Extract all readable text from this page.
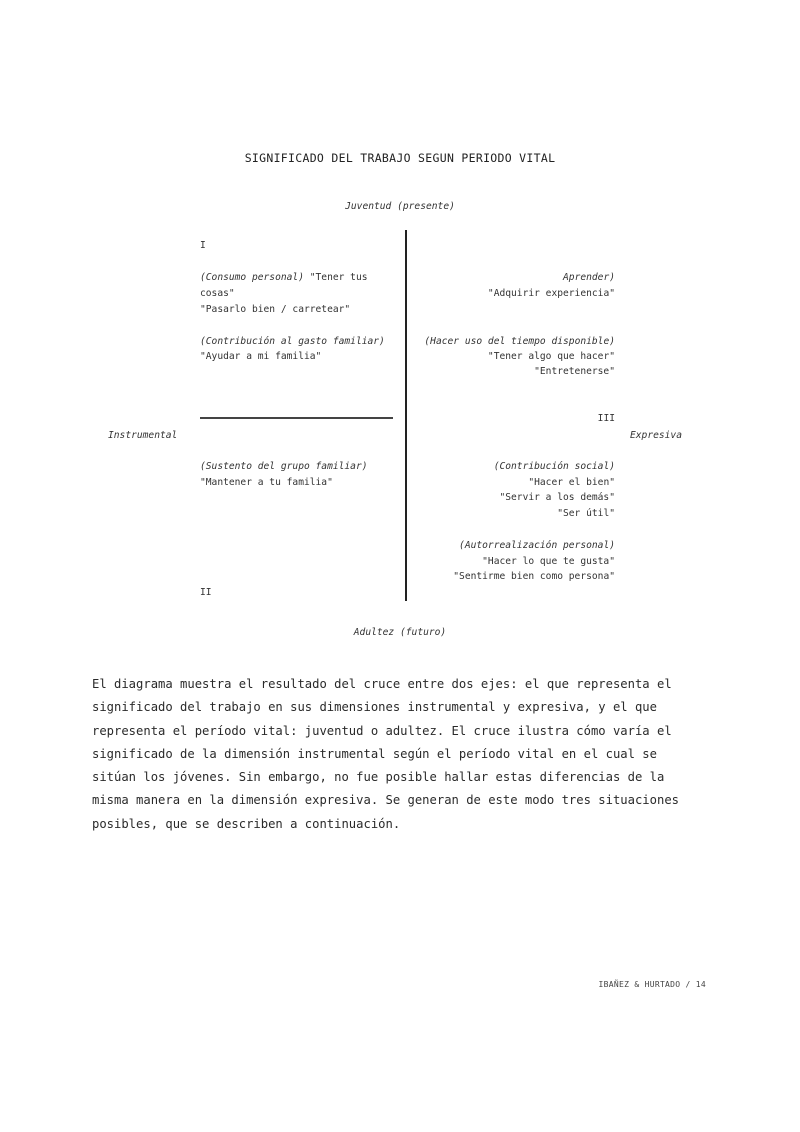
SIGNIFICADO DEL TRABAJO SEGUN PERIODO VITAL
Juventud (presente)
Adultez (futuro)
Instrumental	Expresiva
I
(Consumo personal) "Tener tus
cosas"
"Pasarlo bien / carretear"
(Contribución al gasto familiar)
"Ayudar a mi familia"
(Sustento del grupo familiar)
"Mantener a tu familia"
II
Aprender)
"Adquirir experiencia"
(Hacer uso del tiempo disponible)
"Tener algo que hacer"
"Entretenerse"
III
(Contribución social)
"Hacer el bien"
"Servir a los demás"
"Ser útil"
(Autorrealización personal)
"Hacer lo que te gusta"
"Sentirme bien como persona"
El diagrama muestra el resultado del cruce entre dos ejes: el que representa el
significado del trabajo en sus dimensiones instrumental y expresiva, y el que
representa el período vital: juventud o adultez. El cruce ilustra cómo varía el
significado de la dimensión instrumental según el período vital en el cual se
sitúan los jóvenes. Sin embargo, no fue posible hallar estas diferencias de la
misma manera en la dimensión expresiva. Se generan de este modo tres situaciones
posibles, que se describen a continuación.
IBAÑEZ & HURTADO / 14
